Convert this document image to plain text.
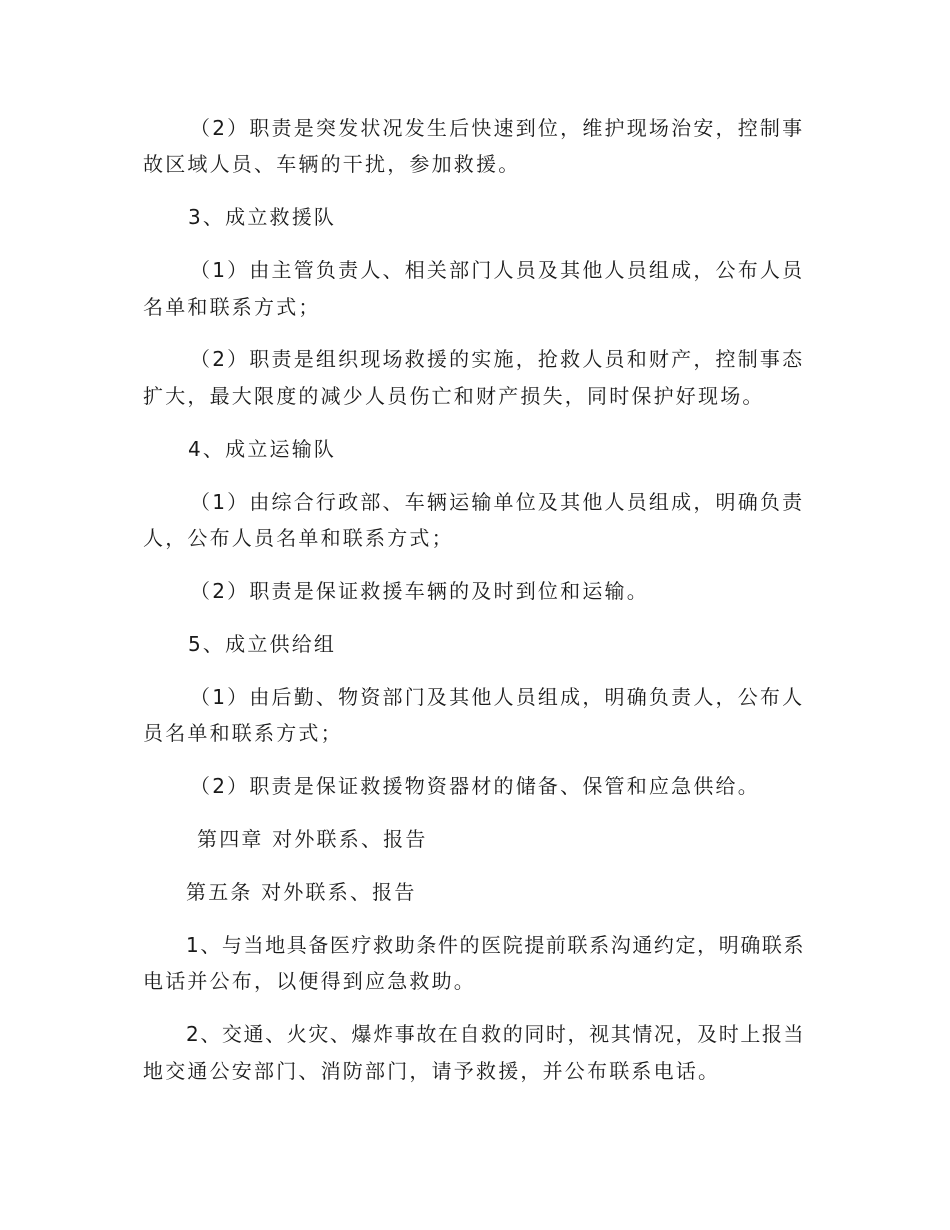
（2）职责是突发状况发生后快速到位，维护现场治安，控制事
故区域人员、车辆的干扰，参加救援。
3、成立救援队
（1）由主管负责人、相关部门人员及其他人员组成，公布人员
名单和联系方式；
（2）职责是组织现场救援的实施，抢救人员和财产，控制事态
扩大，最大限度的减少人员伤亡和财产损失，同时保护好现场。
4、成立运输队
（1）由综合行政部、车辆运输单位及其他人员组成，明确负责
人，公布人员名单和联系方式；
（2）职责是保证救援车辆的及时到位和运输。
5、成立供给组
（1）由后勤、物资部门及其他人员组成，明确负责人，公布人
员名单和联系方式；
（2）职责是保证救援物资器材的储备、保管和应急供给。
第四章 对外联系、报告
第五条 对外联系、报告
1、与当地具备医疗救助条件的医院提前联系沟通约定，明确联系
电话并公布，以便得到应急救助。
2、交通、火灾、爆炸事故在自救的同时，视其情况，及时上报当
地交通公安部门、消防部门，请予救援，并公布联系电话。
